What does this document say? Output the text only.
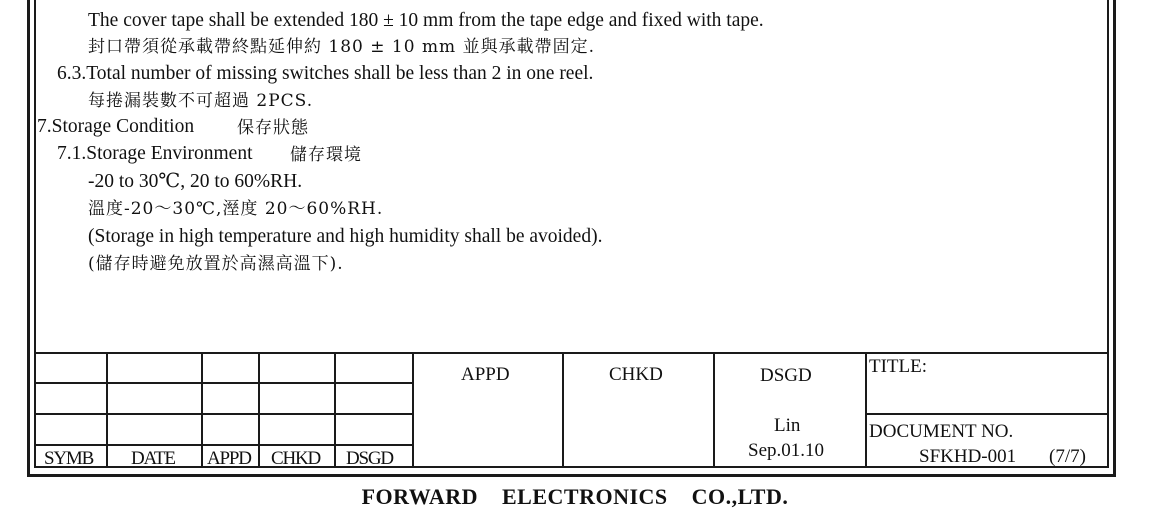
The cover tape shall be extended 180 ± 10 mm from the tape edge and fixed with tape.
封口帶須從承載帶終點延伸約 180 ± 10 mm 並與承載帶固定.
6.3.Total number of missing switches shall be less than 2 in one reel.
每捲漏裝數不可超過 2PCS.
7.Storage Condition	保存狀態
7.1.Storage Environment 儲存環境
-20 to 30℃, 20 to 60%RH.
溫度-20～30℃,溼度 20～60%RH.
(Storage in high temperature and high humidity shall be avoided).
(儲存時避免放置於高濕高溫下).
SYMB DATE APPD CHKD DSGD
APPD	CHKD	DSGD
Lin
Sep.01.10
TITLE:
DOCUMENT NO.
SFKHD-001 (7/7)
FORWARD ELECTRONICS CO.,LTD.
